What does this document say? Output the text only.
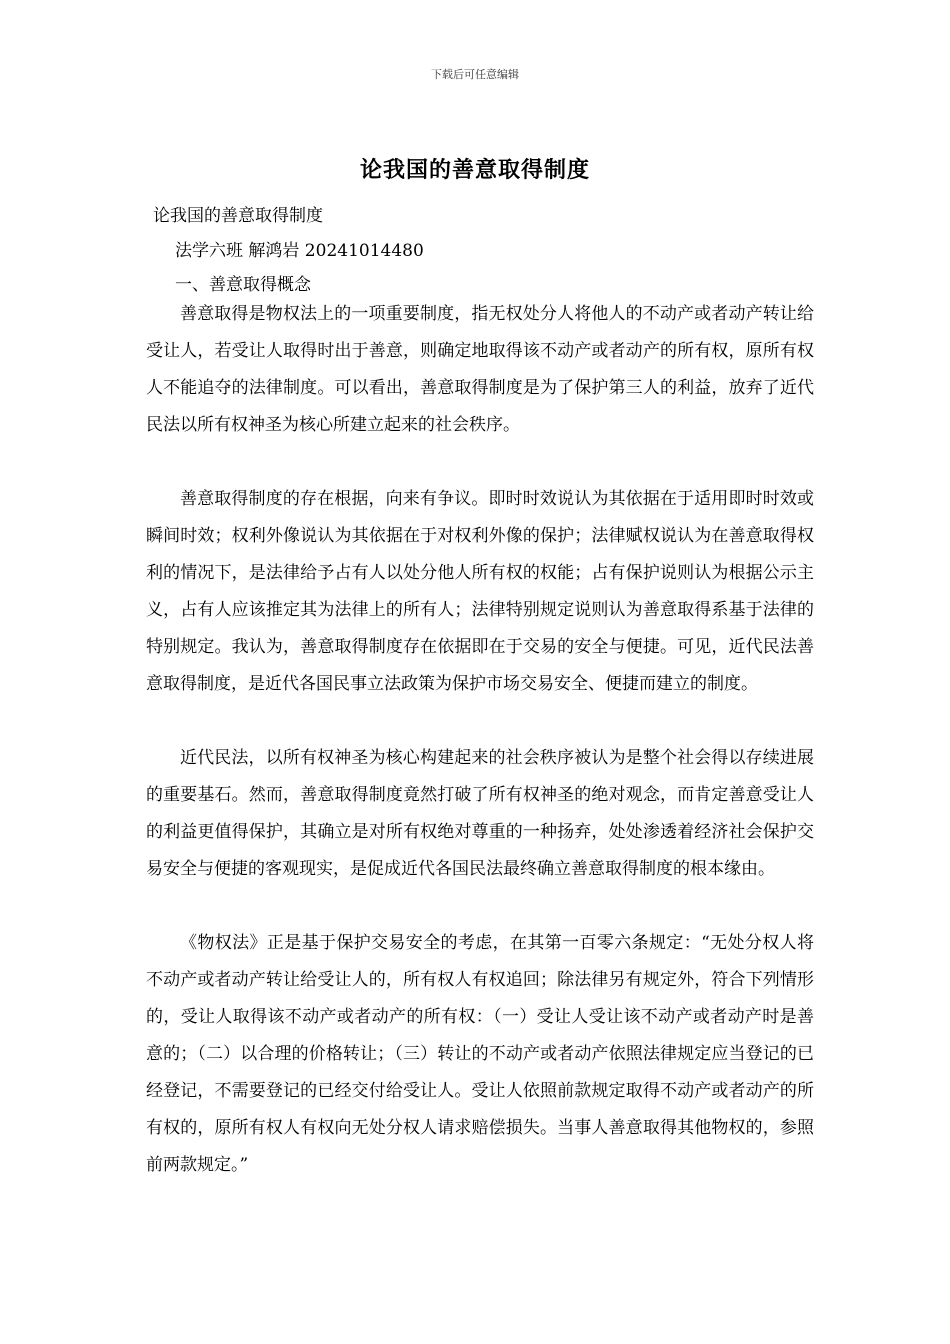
下载后可任意编辑
论我国的善意取得制度
论我国的善意取得制度
法学六班 解鸿岩 20241014480
一、善意取得概念

善意取得是物权法上的一项重要制度，指无权处分人将他人的不动产或者动产转让给受让人，若受让人取得时出于善意，则确定地取得该不动产或者动产的所有权，原所有权人不能追夺的法律制度。可以看出，善意取得制度是为了保护第三人的利益，放弃了近代民法以所有权神圣为核心所建立起来的社会秩序。

善意取得制度的存在根据，向来有争议。即时时效说认为其依据在于适用即时时效或瞬间时效；权利外像说认为其依据在于对权利外像的保护；法律赋权说认为在善意取得权利的情况下，是法律给予占有人以处分他人所有权的权能；占有保护说则认为根据公示主义，占有人应该推定其为法律上的所有人；法律特别规定说则认为善意取得系基于法律的特别规定。我认为，善意取得制度存在依据即在于交易的安全与便捷。可见，近代民法善意取得制度，是近代各国民事立法政策为保护市场交易安全、便捷而建立的制度。

近代民法，以所有权神圣为核心构建起来的社会秩序被认为是整个社会得以存续进展的重要基石。然而，善意取得制度竟然打破了所有权神圣的绝对观念，而肯定善意受让人的利益更值得保护，其确立是对所有权绝对尊重的一种扬弃，处处渗透着经济社会保护交易安全与便捷的客观现实，是促成近代各国民法最终确立善意取得制度的根本缘由。

《物权法》正是基于保护交易安全的考虑，在其第一百零六条规定：“无处分权人将不动产或者动产转让给受让人的，所有权人有权追回；除法律另有规定外，符合下列情形的，受让人取得该不动产或者动产的所有权：（一）受让人受让该不动产或者动产时是善意的；（二）以合理的价格转让；（三）转让的不动产或者动产依照法律规定应当登记的已经登记，不需要登记的已经交付给受让人。受让人依照前款规定取得不动产或者动产的所有权的，原所有权人有权向无处分权人请求赔偿损失。当事人善意取得其他物权的，参照前两款规定。”
